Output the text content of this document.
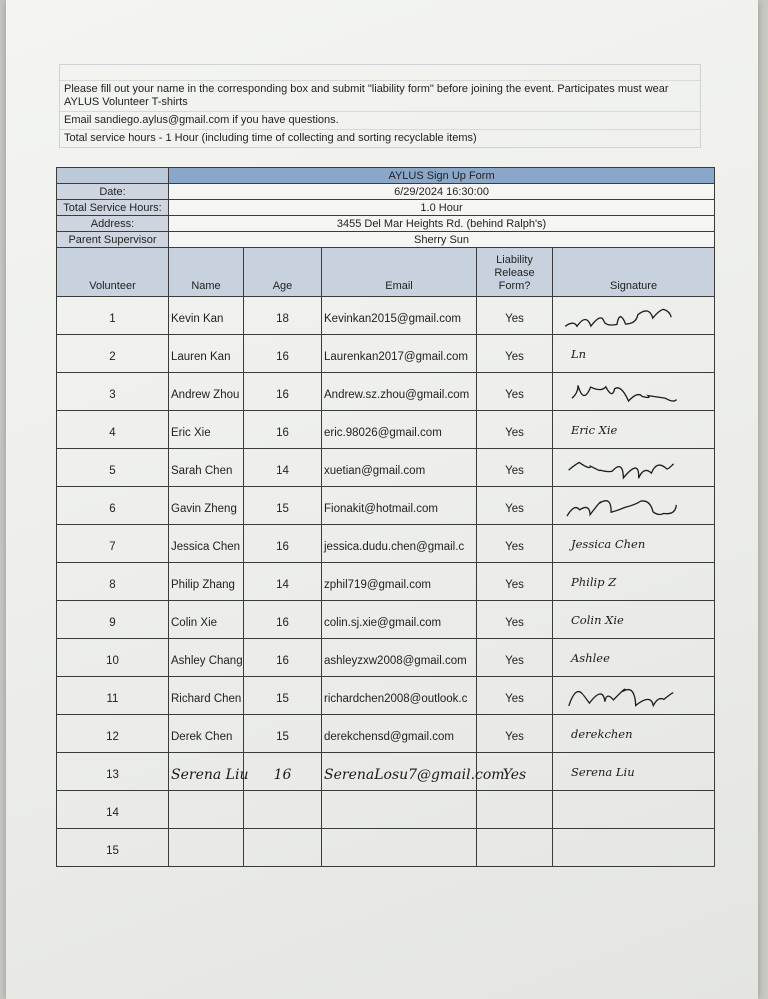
Please fill out your name in the corresponding box and submit "liability form" before joining the event. Participates must wear AYLUS Volunteer T-shirts
Email sandiego.aylus@gmail.com if you have questions.
Total service hours - 1 Hour (including time of collecting and sorting recyclable items)
	AYLUS Sign Up Form				
Date:	6/29/2024 16:30:00				
Total Service Hours:	1.0 Hour				
Address:	3455 Del Mar Heights Rd. (behind Ralph's)				
Parent Supervisor	Sherry Sun				
Volunteer	Name	Age	Email	Liability Release Form?	Signature
1	Kevin Kan	18	Kevinkan2015@gmail.com	Yes	

2	Lauren Kan	16	Laurenkan2017@gmail.com	Yes	Ln

3	Andrew Zhou	16	Andrew.sz.zhou@gmail.com	Yes	

4	Eric Xie	16	eric.98026@gmail.com	Yes	Eric Xie

5	Sarah Chen	14	xuetian@gmail.com	Yes	

6	Gavin Zheng	15	Fionakit@hotmail.com	Yes	

7	Jessica Chen	16	jessica.dudu.chen@gmail.c	Yes	Jessica Chen

8	Philip Zhang	14	zphil719@gmail.com	Yes	Philip Z

9	Colin Xie	16	colin.sj.xie@gmail.com	Yes	Colin Xie

10	Ashley Chang	16	ashleyzxw2008@gmail.com	Yes	Ashlee

11	Richard Chen	15	richardchen2008@outlook.c	Yes	

12	Derek Chen	15	derekchensd@gmail.com	Yes	derekchen

13	Serena Liu	16	SerenaLosu7@gmail.com	Yes	Serena Liu

14					
15					
